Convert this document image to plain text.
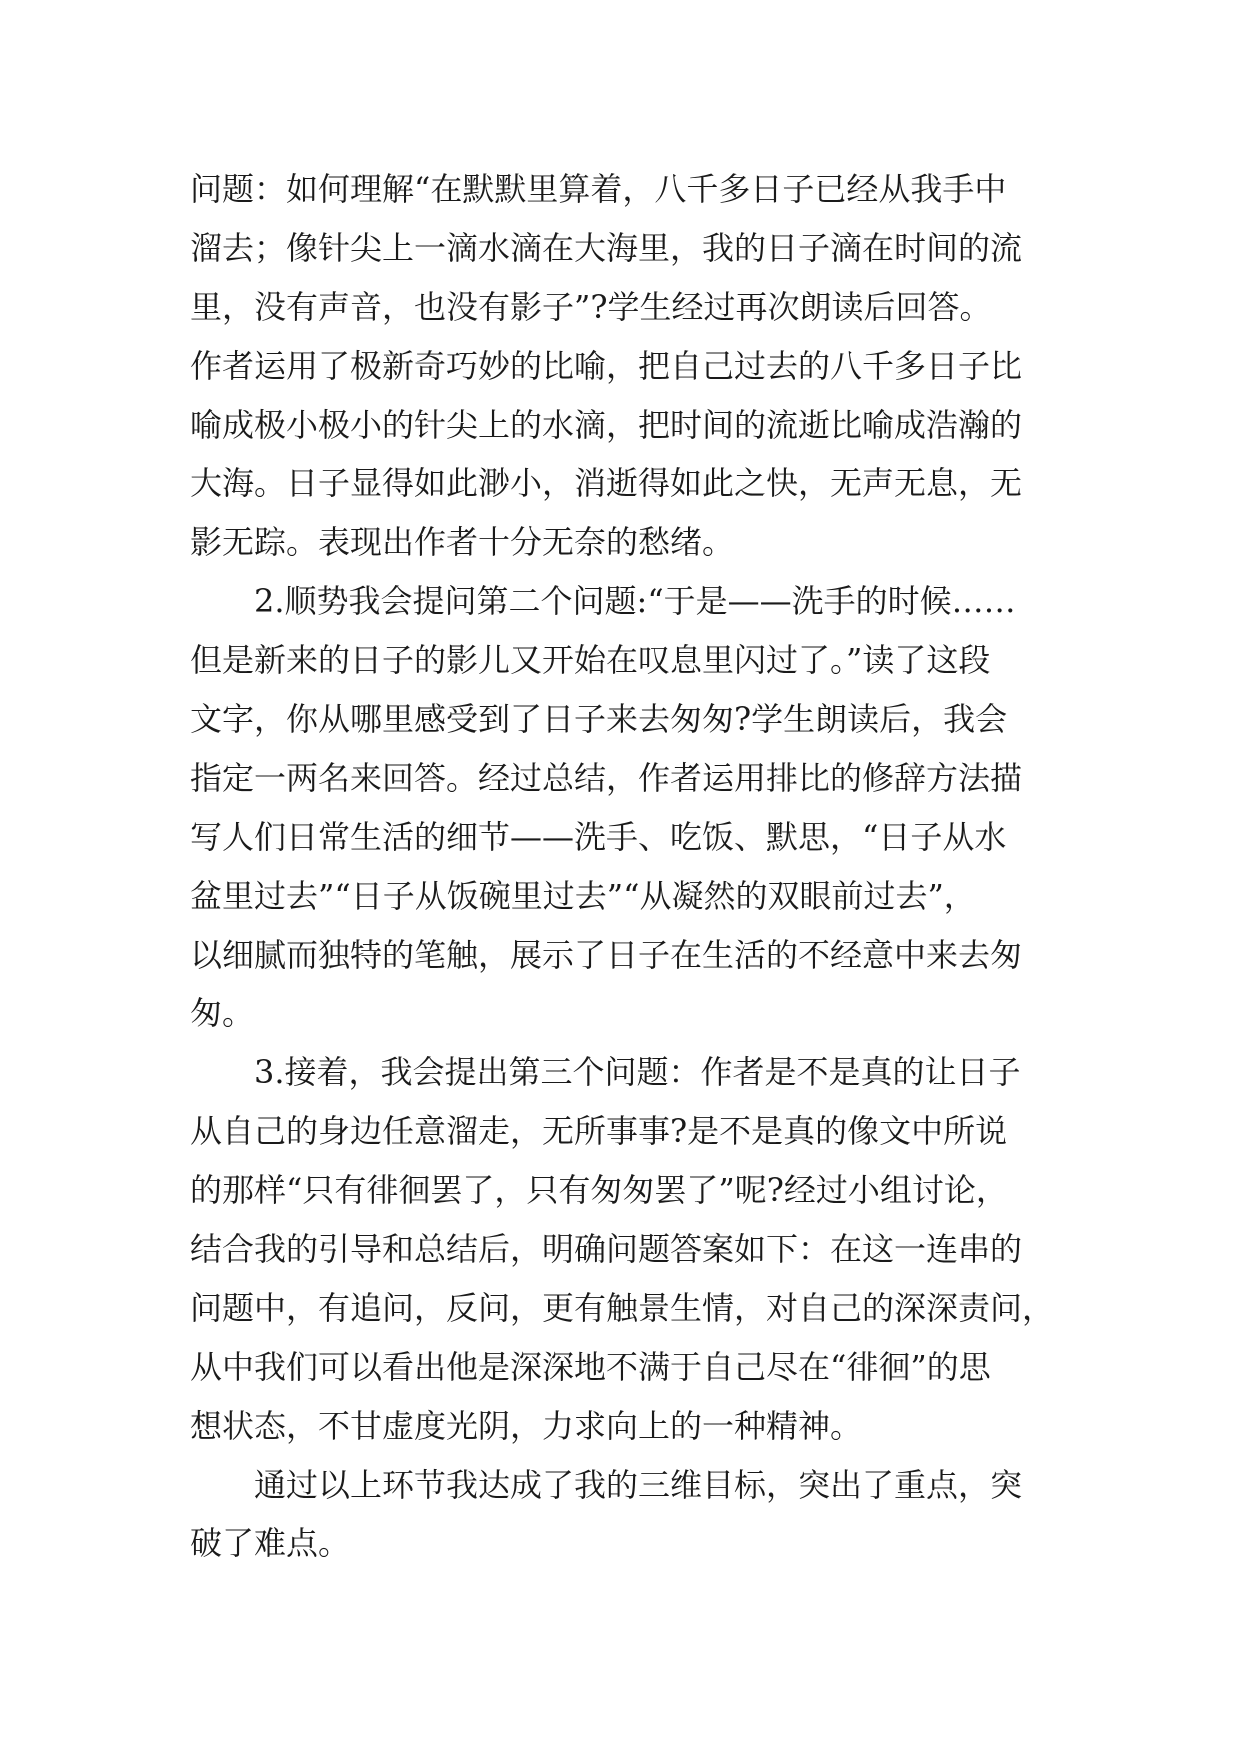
问题：如何理解“在默默里算着，八千多日子已经从我手中
溜去；像针尖上一滴水滴在大海里，我的日子滴在时间的流
里，没有声音，也没有影子”?学生经过再次朗读后回答。
作者运用了极新奇巧妙的比喻，把自己过去的八千多日子比
喻成极小极小的针尖上的水滴，把时间的流逝比喻成浩瀚的
大海。日子显得如此渺小，消逝得如此之快，无声无息，无
影无踪。表现出作者十分无奈的愁绪。
2.顺势我会提问第二个问题:“于是——洗手的时候……
但是新来的日子的影儿又开始在叹息里闪过了。”读了这段
文字，你从哪里感受到了日子来去匆匆?学生朗读后，我会
指定一两名来回答。经过总结，作者运用排比的修辞方法描
写人们日常生活的细节——洗手、吃饭、默思，“日子从水
盆里过去”“日子从饭碗里过去”“从凝然的双眼前过去”，
以细腻而独特的笔触，展示了日子在生活的不经意中来去匆
匆。
3.接着，我会提出第三个问题：作者是不是真的让日子
从自己的身边任意溜走，无所事事?是不是真的像文中所说
的那样“只有徘徊罢了，只有匆匆罢了”呢?经过小组讨论，
结合我的引导和总结后，明确问题答案如下：在这一连串的
问题中，有追问，反问，更有触景生情，对自己的深深责问，
从中我们可以看出他是深深地不满于自己尽在“徘徊”的思
想状态，不甘虚度光阴，力求向上的一种精神。
通过以上环节我达成了我的三维目标，突出了重点，突
破了难点。
